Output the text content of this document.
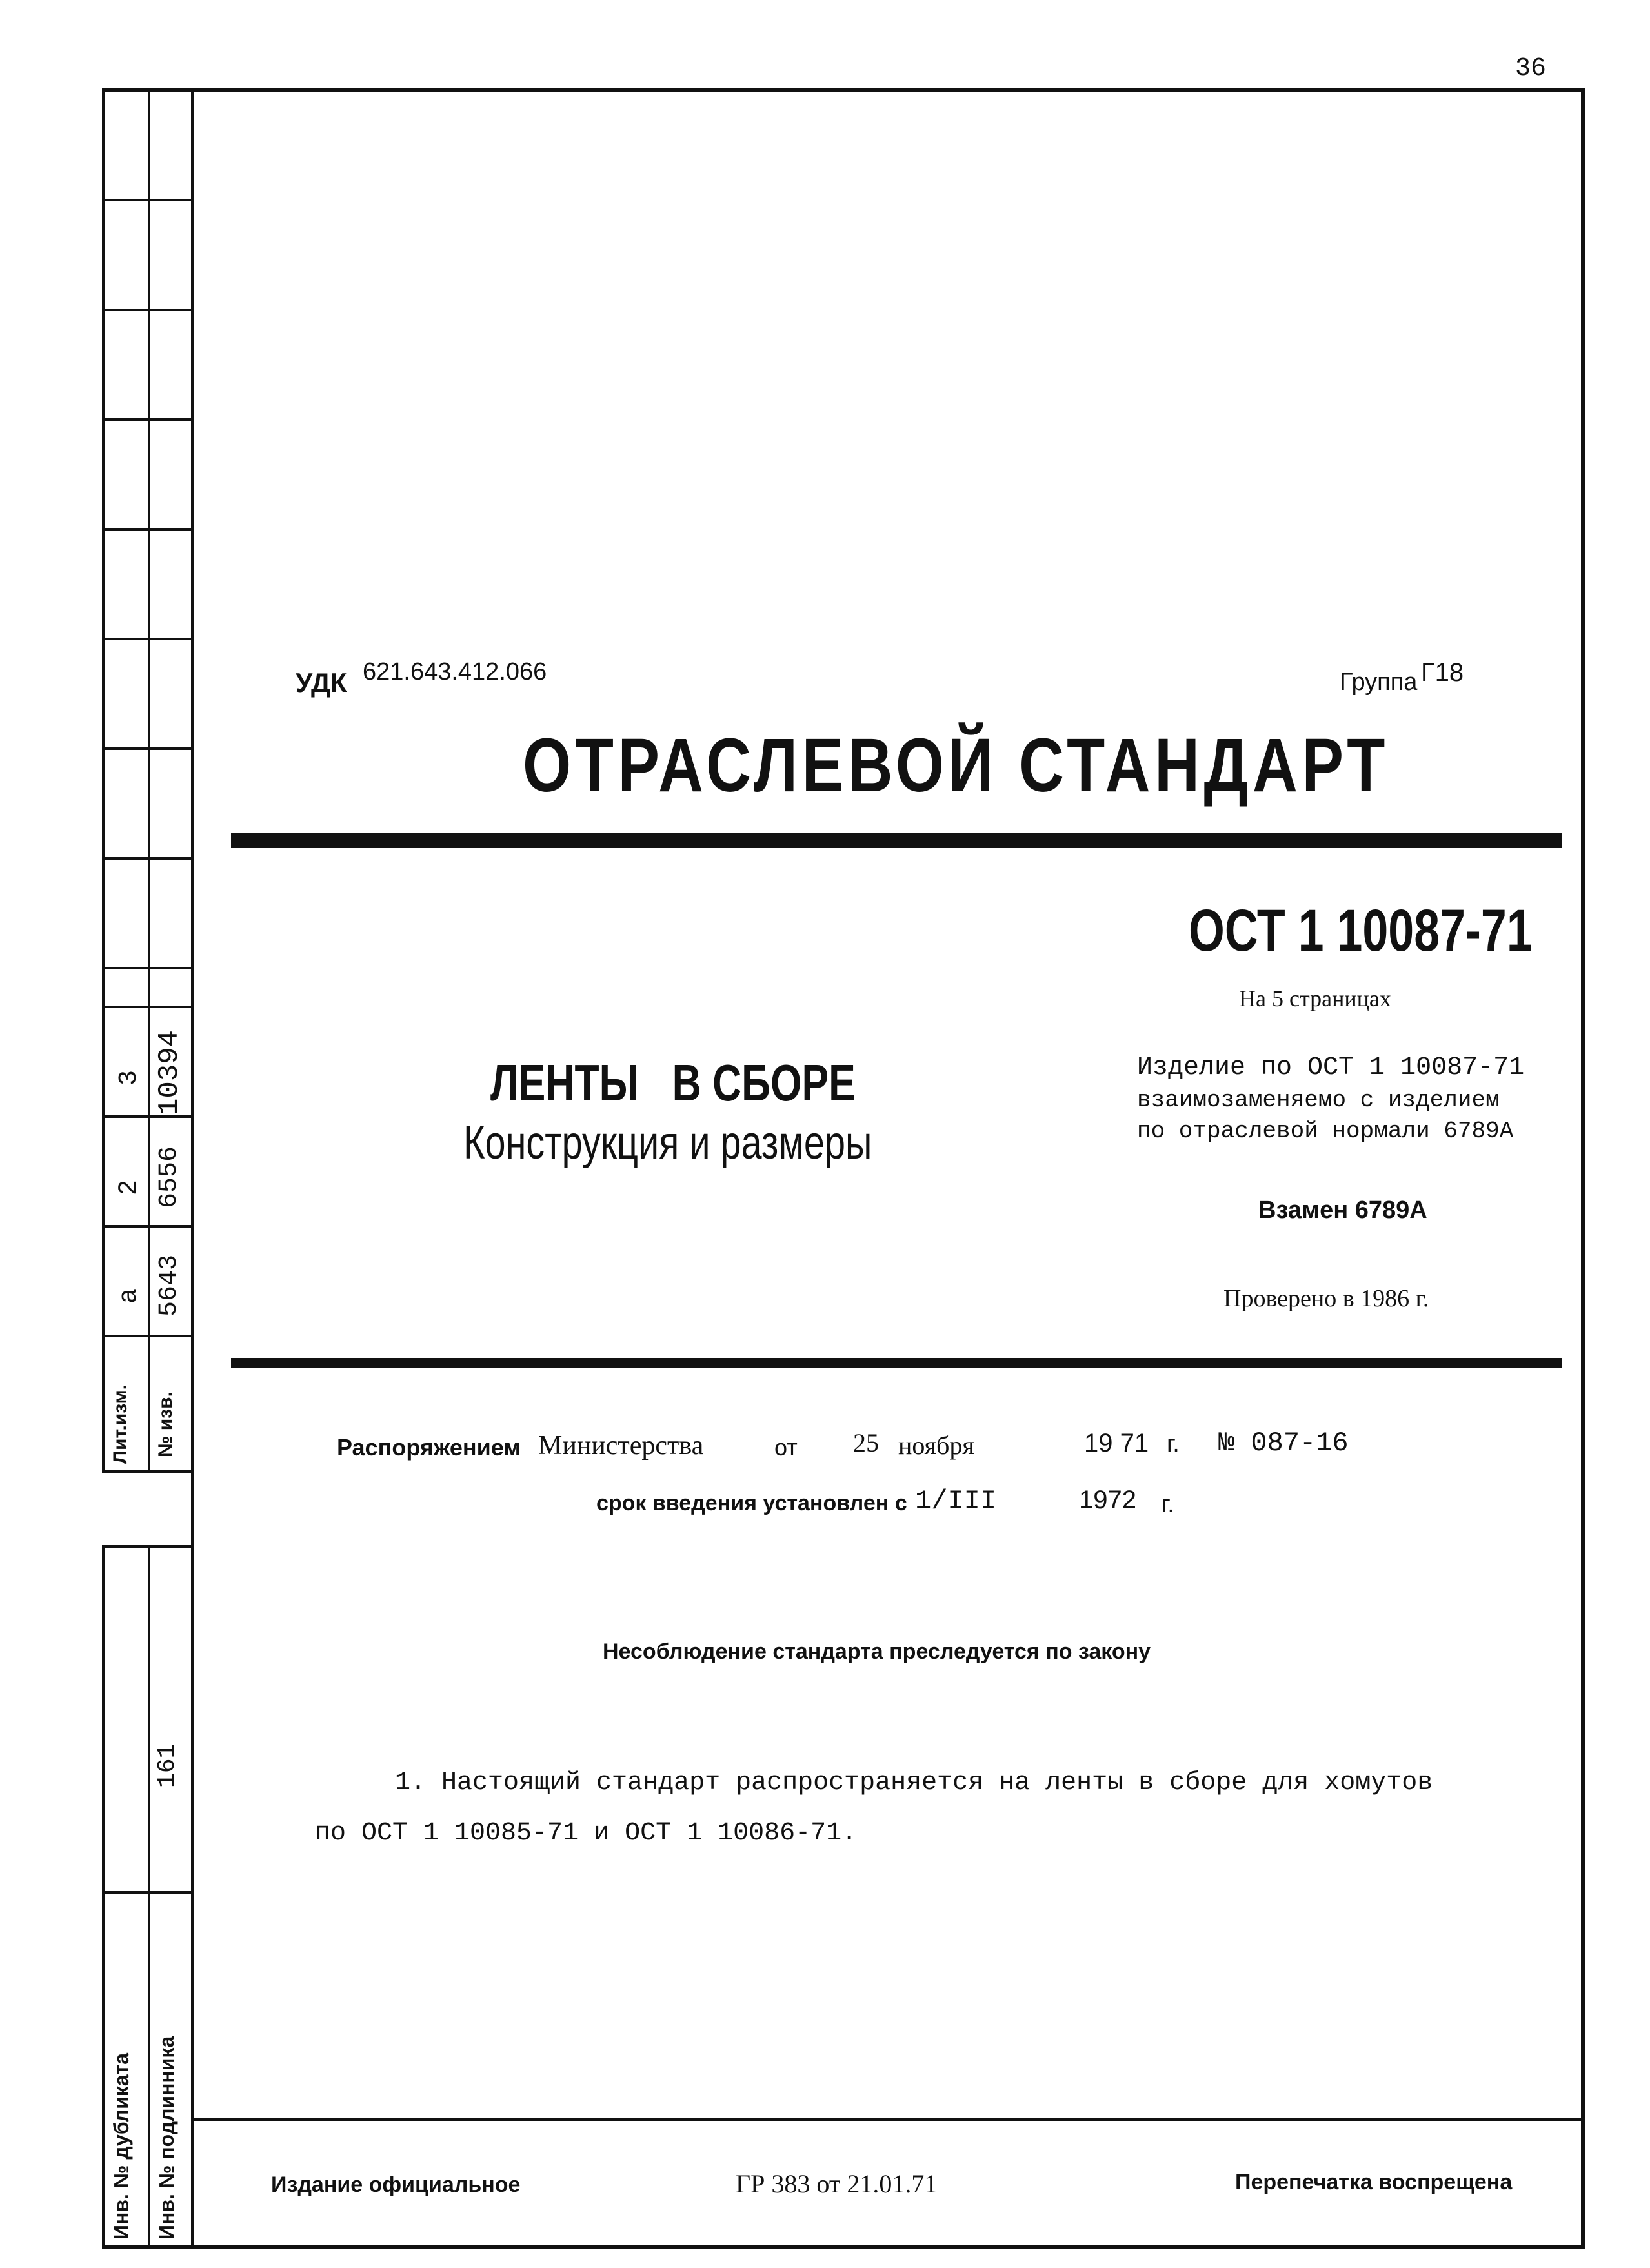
36
3 10394
2 6556
а 5643
Лит.изм. № изв.
161
Инв. № дубликата Инв. № подлинника
УДК 621.643.412.066	Группа Г18
ОТРАСЛЕВОЙ СТАНДАРТ
ОСТ 1 10087-71
На 5 страницах
ЛЕНТЫ   В СБОРЕ
Конструкция и размеры
Изделие по ОСТ 1 10087-71
взаимозаменяемо с изделием
по отраслевой нормали 6789А
Взамен 6789А
Проверено в 1986 г.
Распоряжением Министерства	от 25 ноября	19 71 г. № 087-16
срок введения установлен с 1/III	1972 г.
Несоблюдение стандарта преследуется по закону
1. Настоящий стандарт распространяется на ленты в сборе для хомутов
по ОСТ 1 10085-71 и ОСТ 1 10086-71.
Издание официальное	ГР 383 от 21.01.71	Перепечатка воспрещена
